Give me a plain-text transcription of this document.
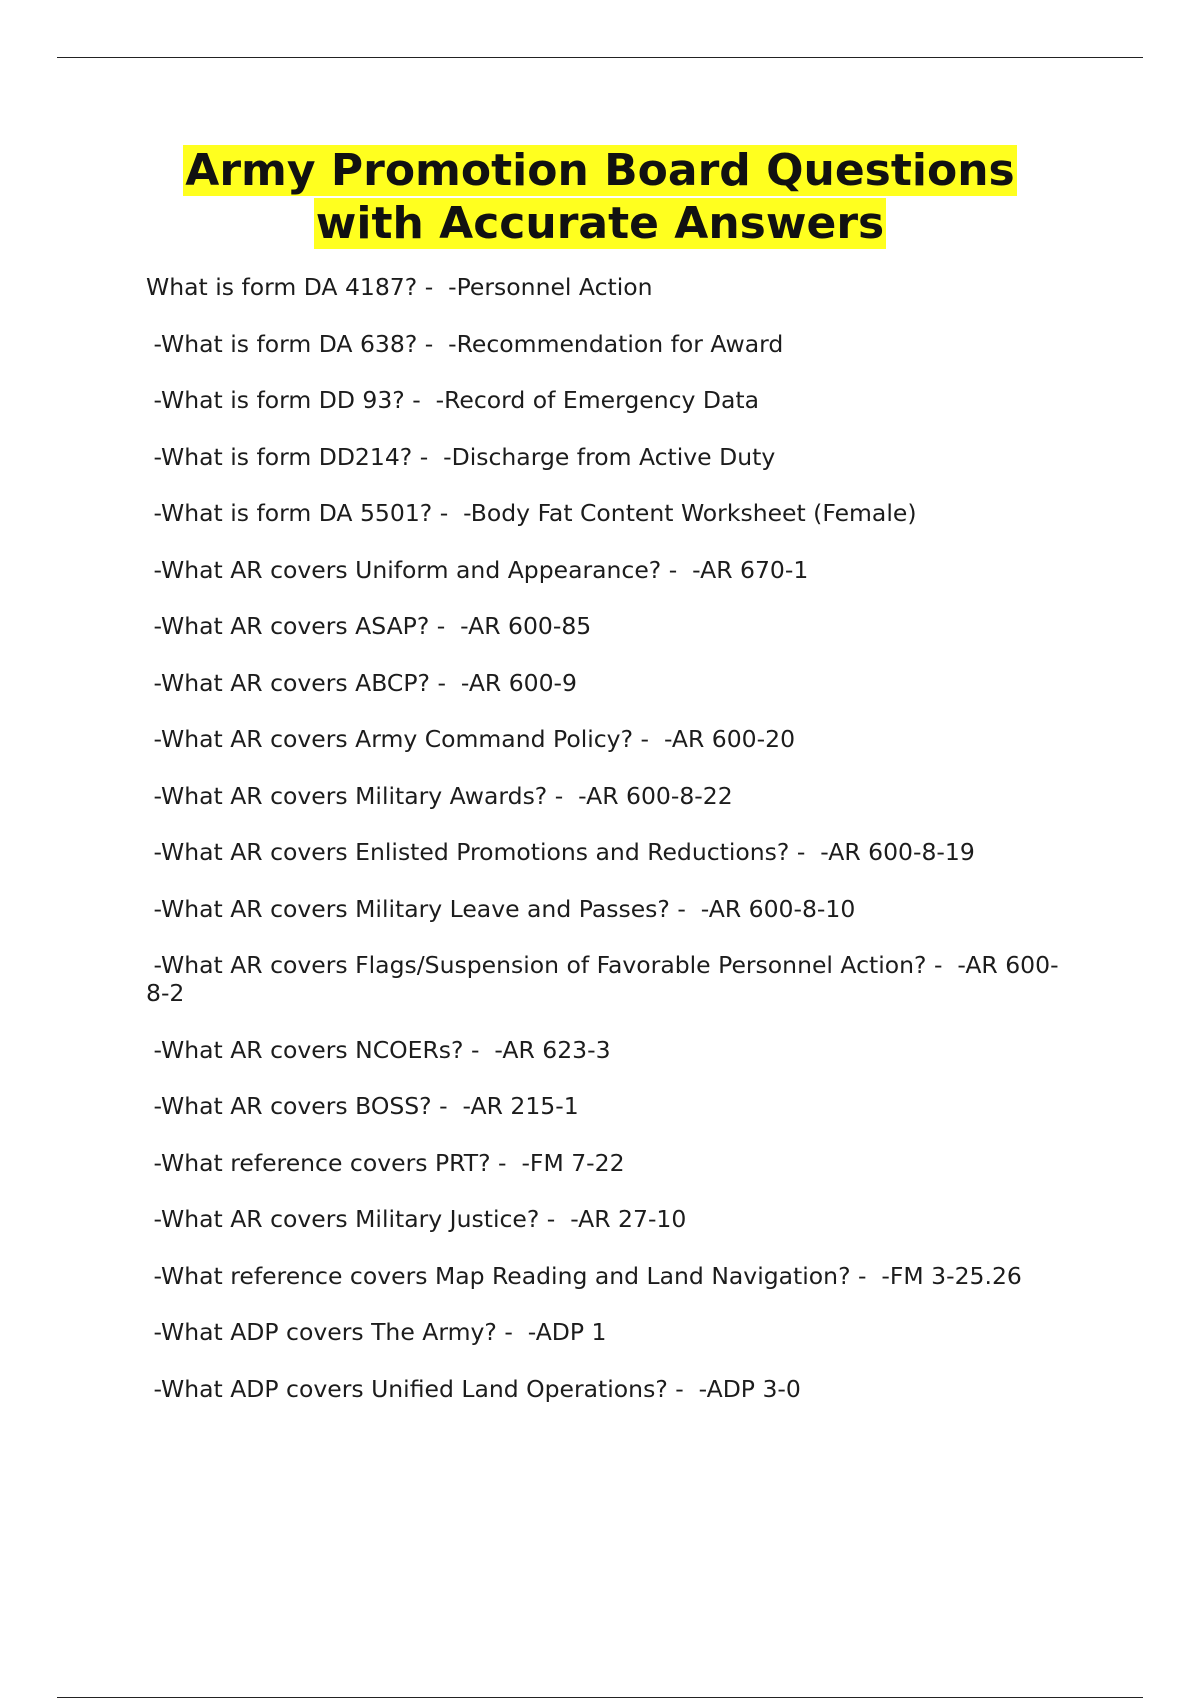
Army Promotion Board Questions
with Accurate Answers
What is form DA 4187? -  -Personnel Action
-What is form DA 638? -  -Recommendation for Award
-What is form DD 93? -  -Record of Emergency Data
-What is form DD214? -  -Discharge from Active Duty
-What is form DA 5501? -  -Body Fat Content Worksheet (Female)
-What AR covers Uniform and Appearance? -  -AR 670-1
-What AR covers ASAP? -  -AR 600-85
-What AR covers ABCP? -  -AR 600-9
-What AR covers Army Command Policy? -  -AR 600-20
-What AR covers Military Awards? -  -AR 600-8-22
-What AR covers Enlisted Promotions and Reductions? -  -AR 600-8-19
-What AR covers Military Leave and Passes? -  -AR 600-8-10
-What AR covers Flags/Suspension of Favorable Personnel Action? -  -AR 600-8-2
-What AR covers NCOERs? -  -AR 623-3
-What AR covers BOSS? -  -AR 215-1
-What reference covers PRT? -  -FM 7-22
-What AR covers Military Justice? -  -AR 27-10
-What reference covers Map Reading and Land Navigation? -  -FM 3-25.26
-What ADP covers The Army? -  -ADP 1
-What ADP covers Unified Land Operations? -  -ADP 3-0
